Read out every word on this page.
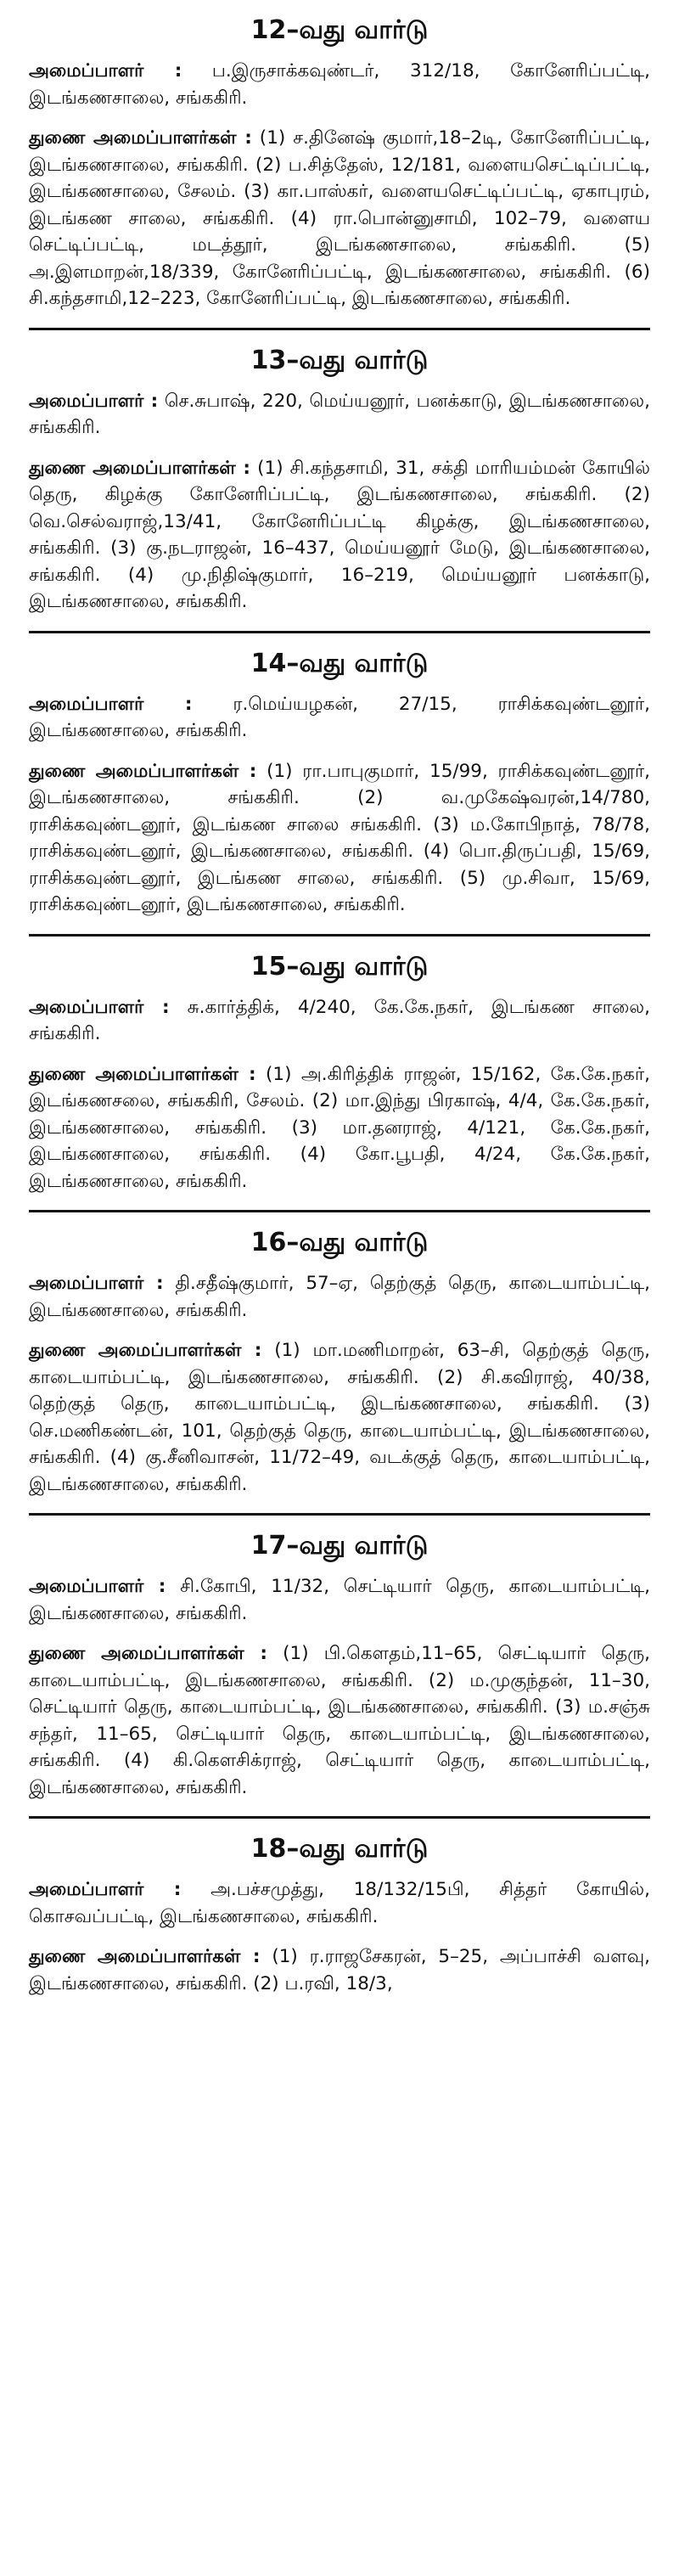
12–வது வார்டு

அமைப்பாளர் : ப.இருசாக்கவுண்டர், 312/18, கோனேரிப்பட்டி, இடங்கணசாலை, சங்ககிரி.

துணை அமைப்பாளர்கள் : (1) ச.தினேஷ் குமார்,18–2டி, கோனேரிப்பட்டி, இடங்கணசாலை, சங்ககிரி. (2) ப.சித்தேஸ், 12/181, வளையசெட்டிப்பட்டி, இடங்கணசாலை, சேலம். (3) கா.பாஸ்கர், வளையசெட்டிப்பட்டி, ஏகாபுரம், இடங்கண சாலை, சங்ககிரி. (4) ரா.பொன்னுசாமி, 102–79, வளைய செட்டிப்பட்டி, மடத்தூர், இடங்கணசாலை, சங்ககிரி. (5) அ.இளமாறன்,18/339, கோனேரிப்பட்டி, இடங்கணசாலை, சங்ககிரி. (6) சி.கந்தசாமி,12–223, கோனேரிப்பட்டி, இடங்கணசாலை, சங்ககிரி.

13–வது வார்டு

அமைப்பாளர் : செ.சுபாஷ், 220, மெய்யனூர், பனக்காடு, இடங்கணசாலை, சங்ககிரி.

துணை அமைப்பாளர்கள் : (1) சி.கந்தசாமி, 31, சக்தி மாரியம்மன் கோயில் தெரு, கிழக்கு கோனேரிப்பட்டி, இடங்கணசாலை, சங்ககிரி. (2) வெ.செல்வராஜ்,13/41, கோனேரிப்பட்டி கிழக்கு, இடங்கணசாலை, சங்ககிரி. (3) கு.நடராஜன், 16–437, மெய்யனூர் மேடு, இடங்கணசாலை, சங்ககிரி. (4) மு.நிதிஷ்குமார், 16–219, மெய்யனூர் பனக்காடு, இடங்கணசாலை, சங்ககிரி.

14–வது வார்டு

அமைப்பாளர் : ர.மெய்யழகன், 27/15, ராசிக்கவுண்டனூர், இடங்கணசாலை, சங்ககிரி.

துணை அமைப்பாளர்கள் : (1) ரா.பாபுகுமார், 15/99, ராசிக்கவுண்டனூர், இடங்கணசாலை, சங்ககிரி. (2) வ.முகேஷ்வரன்,14/780, ராசிக்கவுண்டனூர், இடங்கண சாலை சங்ககிரி. (3) ம.கோபிநாத், 78/78, ராசிக்கவுண்டனூர், இடங்கணசாலை, சங்ககிரி. (4) பொ.திருப்பதி, 15/69, ராசிக்கவுண்டனூர், இடங்கண சாலை, சங்ககிரி. (5) மு.சிவா, 15/69, ராசிக்கவுண்டனூர், இடங்கணசாலை, சங்ககிரி.

15–வது வார்டு

அமைப்பாளர் : சு.கார்த்திக், 4/240, கே.கே.நகர், இடங்கண சாலை, சங்ககிரி.

துணை அமைப்பாளர்கள் : (1) அ.கிரித்திக் ராஜன், 15/162, கே.கே.நகர், இடங்கணசலை, சங்ககிரி, சேலம். (2) மா.இந்து பிரகாஷ், 4/4, கே.கே.நகர், இடங்கணசாலை, சங்ககிரி. (3) மா.தனராஜ், 4/121, கே.கே.நகர், இடங்கணசாலை, சங்ககிரி. (4) கோ.பூபதி, 4/24, கே.கே.நகர், இடங்கணசாலை, சங்ககிரி.

16–வது வார்டு

அமைப்பாளர் : தி.சதீஷ்குமார், 57–ஏ, தெற்குத் தெரு, காடையாம்பட்டி, இடங்கணசாலை, சங்ககிரி.

துணை அமைப்பாளர்கள் : (1) மா.மணிமாறன், 63–சி, தெற்குத் தெரு, காடையாம்பட்டி, இடங்கணசாலை, சங்ககிரி. (2) சி.கவிராஜ், 40/38, தெற்குத் தெரு, காடையாம்பட்டி, இடங்கணசாலை, சங்ககிரி. (3) செ.மணிகண்டன், 101, தெற்குத் தெரு, காடையாம்பட்டி, இடங்கணசாலை, சங்ககிரி. (4) கு.சீனிவாசன், 11/72–49, வடக்குத் தெரு, காடையாம்பட்டி, இடங்கணசாலை, சங்ககிரி.

17–வது வார்டு

அமைப்பாளர் : சி.கோபி, 11/32, செட்டியார் தெரு, காடையாம்பட்டி, இடங்கணசாலை, சங்ககிரி.

துணை அமைப்பாளர்கள் : (1) பி.கௌதம்,11–65, செட்டியார் தெரு, காடையாம்பட்டி, இடங்கணசாலை, சங்ககிரி. (2) ம.முகுந்தன், 11–30, செட்டியார் தெரு, காடையாம்பட்டி, இடங்கணசாலை, சங்ககிரி. (3) ம.சஞ்சு சந்தர், 11–65, செட்டியார் தெரு, காடையாம்பட்டி, இடங்கணசாலை, சங்ககிரி. (4) கி.கௌசிக்ராஜ், செட்டியார் தெரு, காடையாம்பட்டி, இடங்கணசாலை, சங்ககிரி.

18–வது வார்டு

அமைப்பாளர் : அ.பச்சமுத்து, 18/132/15பி, சித்தர் கோயில், கொசவப்பட்டி, இடங்கணசாலை, சங்ககிரி.

துணை அமைப்பாளர்கள் : (1) ர.ராஜசேகரன், 5–25, அப்பாச்சி வளவு, இடங்கணசாலை, சங்ககிரி. (2) ப.ரவி, 18/3,
